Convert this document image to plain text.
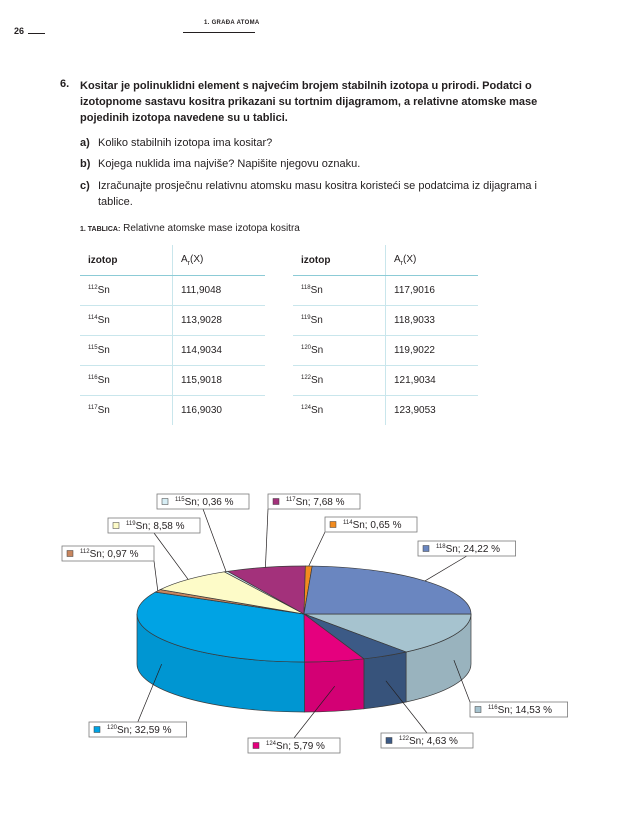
26
1. GRAĐA ATOMA
6. Kositar je polinuklidni element s najvećim brojem stabilnih izotopa u prirodi. Podatci o izotopnome sastavu kositra prikazani su tortnim dijagramom, a relativne atomske mase pojedinih izotopa navedene su u tablici.
a) Koliko stabilnih izotopa ima kositar?
b) Kojega nuklida ima najviše? Napišite njegovu oznaku.
c) Izračunajte prosječnu relativnu atomsku masu kositra koristeći se podatcima iz dijagrama i tablice.
1. TABLICA: Relativne atomske mase izotopa kositra
izotop	$A_r(X)$
$^{112}$Sn	111,9048
$^{114}$Sn	113,9028
$^{115}$Sn	114,9034
$^{116}$Sn	115,9018
$^{117}$Sn	116,9030
izotop	$A_r(X)$
$^{118}$Sn	117,9016
$^{119}$Sn	118,9033
$^{120}$Sn	119,9022
$^{122}$Sn	121,9034
$^{124}$Sn	123,9053
$^{116}$Sn; 14,53 %
$^{122}$Sn; 4,63 %
$^{124}$Sn; 5,79 %
$^{120}$Sn; 32,59 %
$^{112}$Sn; 0,97 %
$^{119}$Sn; 8,58 %
$^{115}$Sn; 0,36 %	$^{117}$Sn; 7,68 %
$^{114}$Sn; 0,65 %
$^{118}$Sn; 24,22 %
